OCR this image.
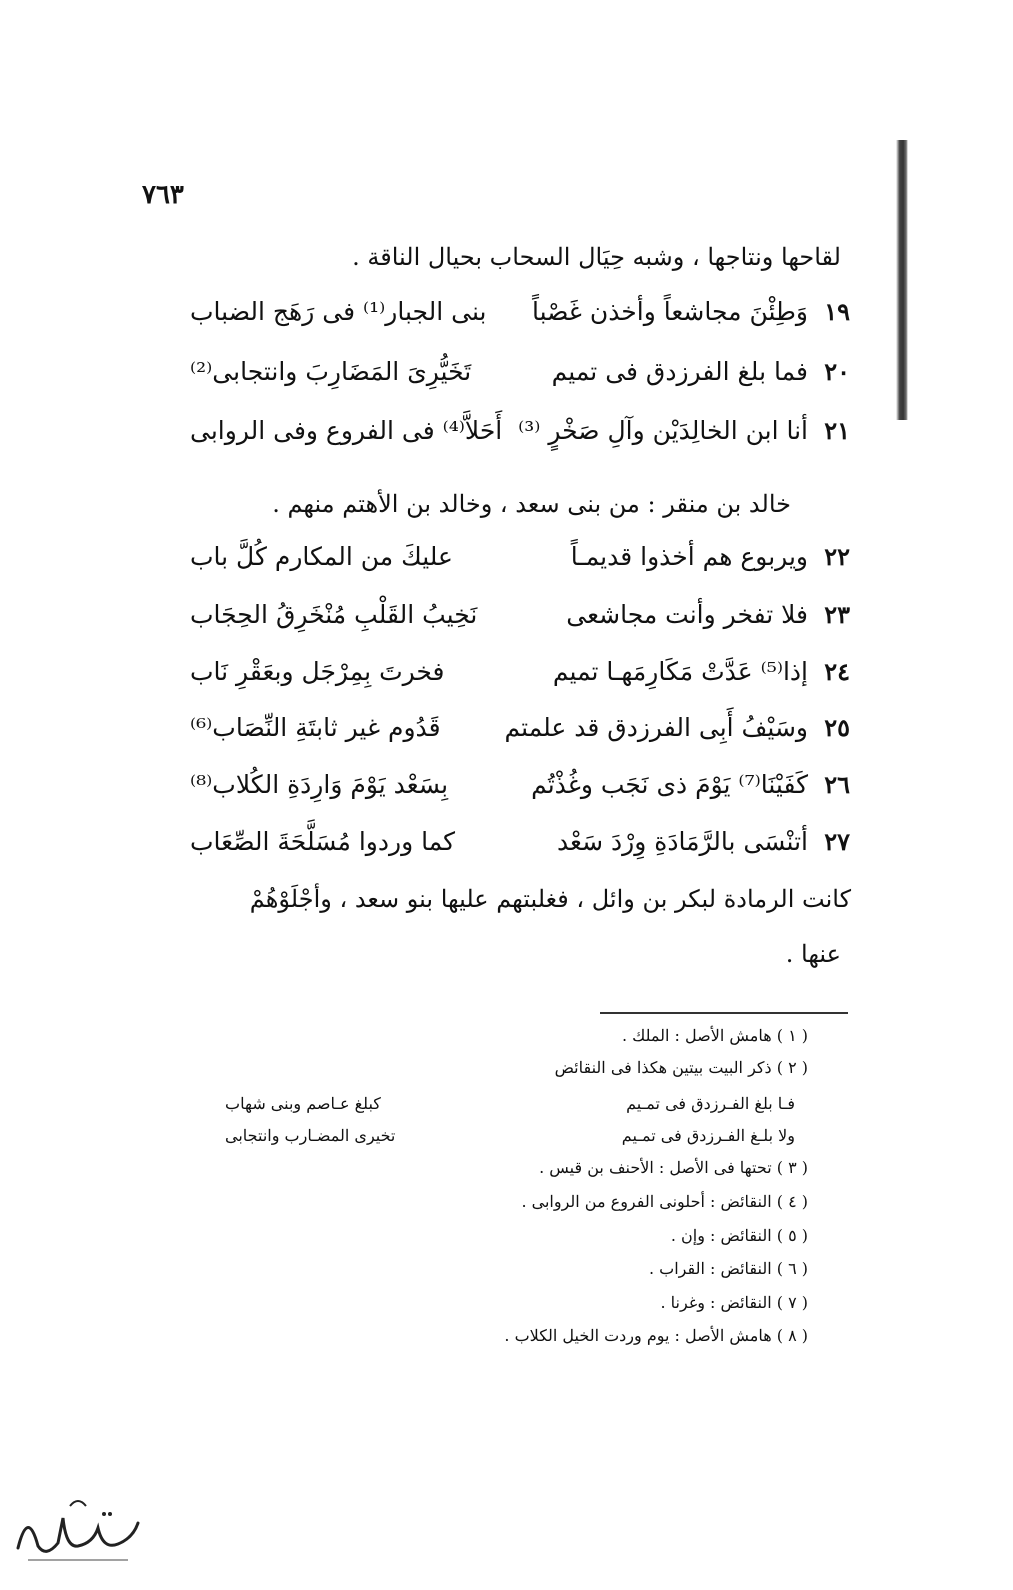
٧٦٣
لقاحها ونتاجها ، وشبه حِيَال السحاب بحيال الناقة .
١٩
وَطِئْنَ مجاشعاً وأخذن غَصْباً
بنى الجبار⁽¹⁾ فى رَهَج الضباب
٢٠
فما بلغ الفرزدق فى تميم
تَخَيُّرِىَ المَضَارِبَ وانتجابى⁽²⁾
٢١
أنا ابن الخالِدَيْن وآلِ صَخْرٍ ⁽³⁾
أَحَلاَّ⁽⁴⁾ فى الفروع وفى الروابى
خالد بن منقر : من بنى سعد ، وخالد بن الأهتم منهم .
٢٢
ويربوع هم أخذوا قديمـاً
عليكَ من المكارم كُلَّ باب
٢٣
فلا تفخر وأنت مجاشعى
نَخِيبُ القَلْبِ مُنْخَرِقُ الحِجَاب
٢٤
إذا⁽⁵⁾ عَدَّتْ مَكَارِمَهـا تميم
فخرتَ بِمِرْجَل وبعَقْرِ نَاب
٢٥
وسَيْفُ أَبِى الفرزدق قد علمتم
قَدُوم غير ثابتَةِ النِّصَاب⁽⁶⁾
٢٦
كَفَيْنَا⁽⁷⁾ يَوْمَ ذى نَجَب وغُذْتُم
بِسَعْد يَوْمَ وَارِدَةِ الكُلاب⁽⁸⁾
٢٧
أتنْسَى بالرَّمَادَةِ وِرْدَ سَعْد
كما وردوا مُسَلَّحَةَ الصِّعَاب
كانت الرمادة لبكر بن وائل ، فغلبتهم عليها بنو سعد ، وأجْلَوْهُمْ
عنها .
( ١ ) هامش الأصل : الملك .
( ٢ ) ذكر البيت بيتين هكذا فى النقائض
فـا بلغ الفـرزدق فى تمـيم
كبلغ عـاصم وبنى شهاب
ولا بلـغ الفـرزدق فى تمـيم
تخيرى المضـارب وانتجابى
( ٣ ) تحتها فى الأصل : الأحنف بن قيس .
( ٤ ) النقائض : أحلونى الفروع من الروابى .
( ٥ ) النقائض : وإن .
( ٦ ) النقائض : القراب .
( ٧ ) النقائض : وغرنا .
( ٨ ) هامش الأصل : يوم وردت الخيل الكلاب .
